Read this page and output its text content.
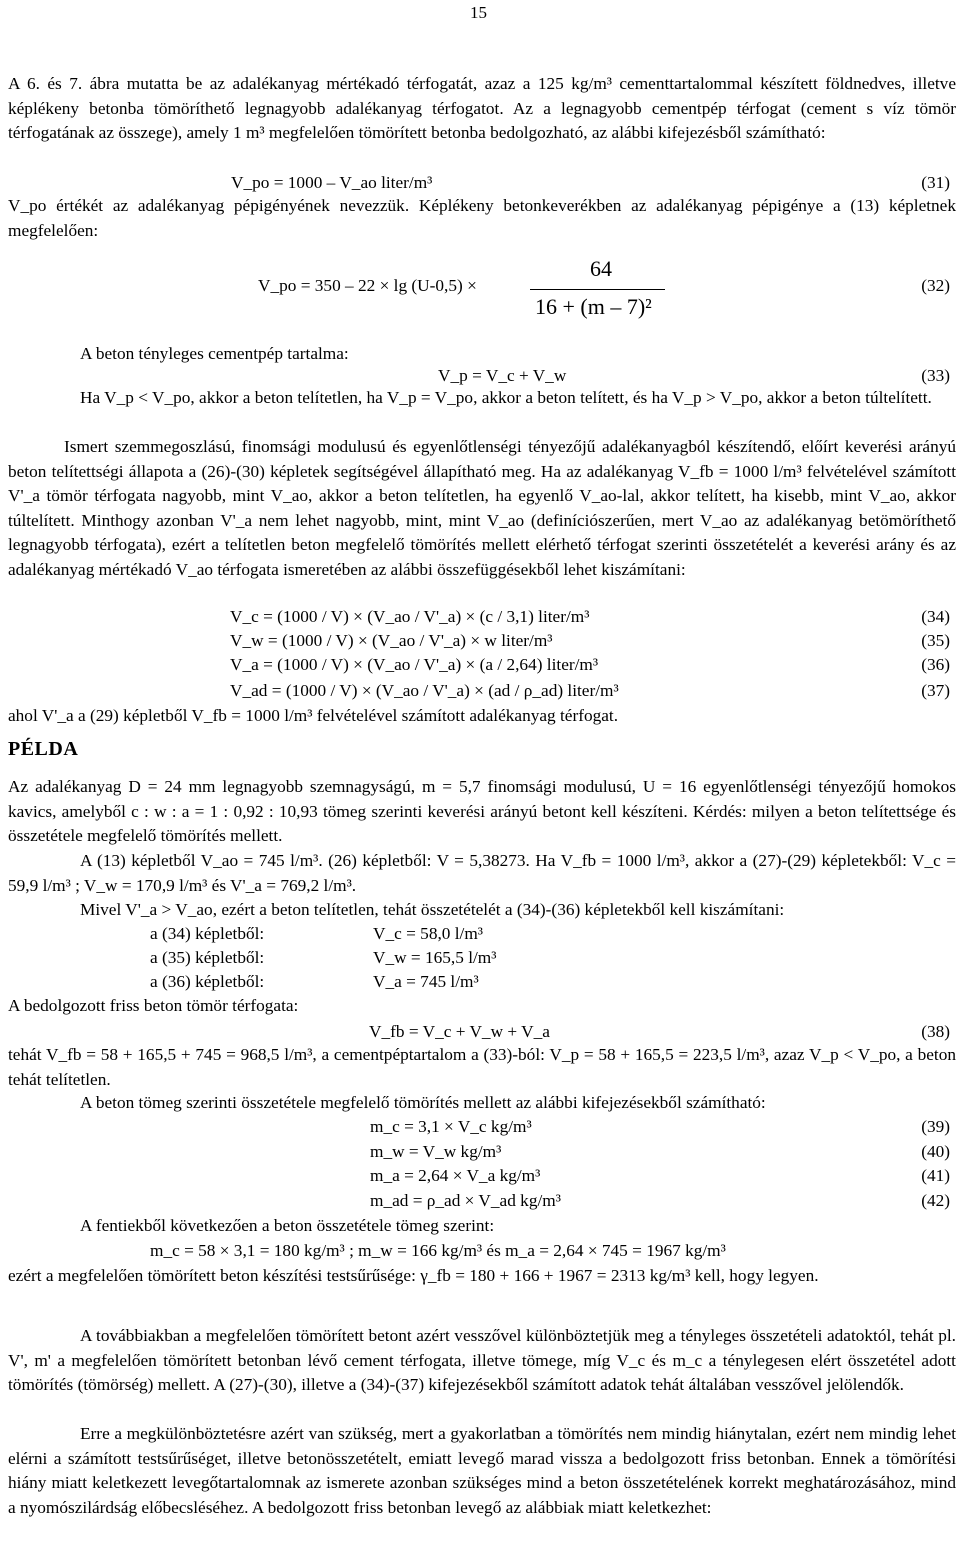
15

A 6. és 7. ábra mutatta be az adalékanyag mértékadó térfogatát, azaz a 125 kg/m³ cementtartalommal készített földnedves, illetve képlékeny betonba tömöríthető legnagyobb adalékanyag térfogatot. Az a legnagyobb cementpép térfogat (cement s víz tömör térfogatának az összege), amely 1 m³ megfelelően tömörített betonba bedolgozható, az alábbi kifejezésből számítható:

V_po = 1000 – V_ao liter/m³	(31)

V_po értékét az adalékanyag pépigényének nevezzük. Képlékeny betonkeverékben az adalékanyag pépigénye a (13) képletnek megfelelően:

V_po = 350 – 22 × lg (U-0,5) ×
64
16 + (m – 7)²
(32)
A beton tényleges cementpép tartalma:
V_p = V_c + V_w	(33)

Ha V_p < V_po, akkor a beton telítetlen, ha V_p = V_po, akkor a beton telített, és ha V_p > V_po, akkor a beton túltelített.

Ismert szemmegoszlású, finomsági modulusú és egyenlőtlenségi tényezőjű adalékanyagból készítendő, előírt keverési arányú beton telítettségi állapota a (26)-(30) képletek segítségével állapítható meg. Ha az adalékanyag V_fb = 1000 l/m³ felvételével számított V'_a tömör térfogata nagyobb, mint V_ao, akkor a beton telítetlen, ha egyenlő V_ao-lal, akkor telített, ha kisebb, mint V_ao, akkor túltelített. Minthogy azonban V'_a nem lehet nagyobb, mint, mint V_ao (definíciószerűen, mert V_ao az adalékanyag betömöríthető legnagyobb térfogata), ezért a telítetlen beton megfelelő tömörítés mellett elérhető térfogat szerinti összetételét a keverési arány és az adalékanyag mértékadó V_ao térfogata ismeretében az alábbi összefüggésekből lehet kiszámítani:

V_c = (1000 / V) × (V_ao / V'_a) × (c / 3,1) liter/m³	(34)
V_w = (1000 / V) × (V_ao / V'_a) × w liter/m³	(35)
V_a = (1000 / V) × (V_ao / V'_a) × (a / 2,64) liter/m³	(36)
V_ad = (1000 / V) × (V_ao / V'_a) × (ad / ρ_ad) liter/m³	(37)

ahol V'_a a (29) képletből V_fb = 1000 l/m³ felvételével számított adalékanyag térfogat.

PÉLDA

Az adalékanyag D = 24 mm legnagyobb szemnagyságú, m = 5,7 finomsági modulusú, U = 16 egyenlőtlenségi tényezőjű homokos kavics, amelyből c : w : a = 1 : 0,92 : 10,93 tömeg szerinti keverési arányú betont kell készíteni. Kérdés: milyen a beton telítettsége és összetétele megfelelő tömörítés mellett.

A (13) képletből V_ao = 745 l/m³. (26) képletből: V = 5,38273. Ha V_fb = 1000 l/m³, akkor a (27)-(29) képletekből: V_c = 59,9 l/m³ ; V_w = 170,9 l/m³ és V'_a = 769,2 l/m³.

Mivel V'_a > V_ao, ezért a beton telítetlen, tehát összetételét a (34)-(36) képletekből kell kiszámítani:

a (34) képletből:	V_c = 58,0 l/m³
a (35) képletből:	V_w = 165,5 l/m³
a (36) képletből:	V_a = 745 l/m³
A bedolgozott friss beton tömör térfogata:
V_fb = V_c + V_w + V_a	(38)

tehát V_fb = 58 + 165,5 + 745 = 968,5 l/m³, a cementpéptartalom a (33)-ból: V_p = 58 + 165,5 = 223,5 l/m³, azaz V_p < V_po, a beton tehát telítetlen.

A beton tömeg szerinti összetétele megfelelő tömörítés mellett az alábbi kifejezésekből számítható:
m_c = 3,1 × V_c kg/m³	(39)
m_w = V_w kg/m³	(40)
m_a = 2,64 × V_a kg/m³	(41)
m_ad = ρ_ad × V_ad kg/m³	(42)
A fentiekből következően a beton összetétele tömeg szerint:
m_c = 58 × 3,1 = 180 kg/m³ ; m_w = 166 kg/m³ és m_a = 2,64 × 745 = 1967 kg/m³

ezért a megfelelően tömörített beton készítési testsűrűsége: γ_fb = 180 + 166 + 1967 = 2313 kg/m³ kell, hogy legyen.

A továbbiakban a megfelelően tömörített betont azért vesszővel különböztetjük meg a tényleges összetételi adatoktól, tehát pl. V', m' a megfelelően tömörített betonban lévő cement térfogata, illetve tömege, míg V_c és m_c a ténylegesen elért összetétel adott tömörítés (tömörség) mellett. A (27)-(30), illetve a (34)-(37) kifejezésekből számított adatok tehát általában vesszővel jelölendők.

Erre a megkülönböztetésre azért van szükség, mert a gyakorlatban a tömörítés nem mindig hiánytalan, ezért nem mindig lehet elérni a számított testsűrűséget, illetve betonösszetételt, emiatt levegő marad vissza a bedolgozott friss betonban. Ennek a tömörítési hiány miatt keletkezett levegőtartalomnak az ismerete azonban szükséges mind a beton összetételének korrekt meghatározásához, mind a nyomószilárdság előbecsléséhez. A bedolgozott friss betonban levegő az alábbiak miatt keletkezhet:
